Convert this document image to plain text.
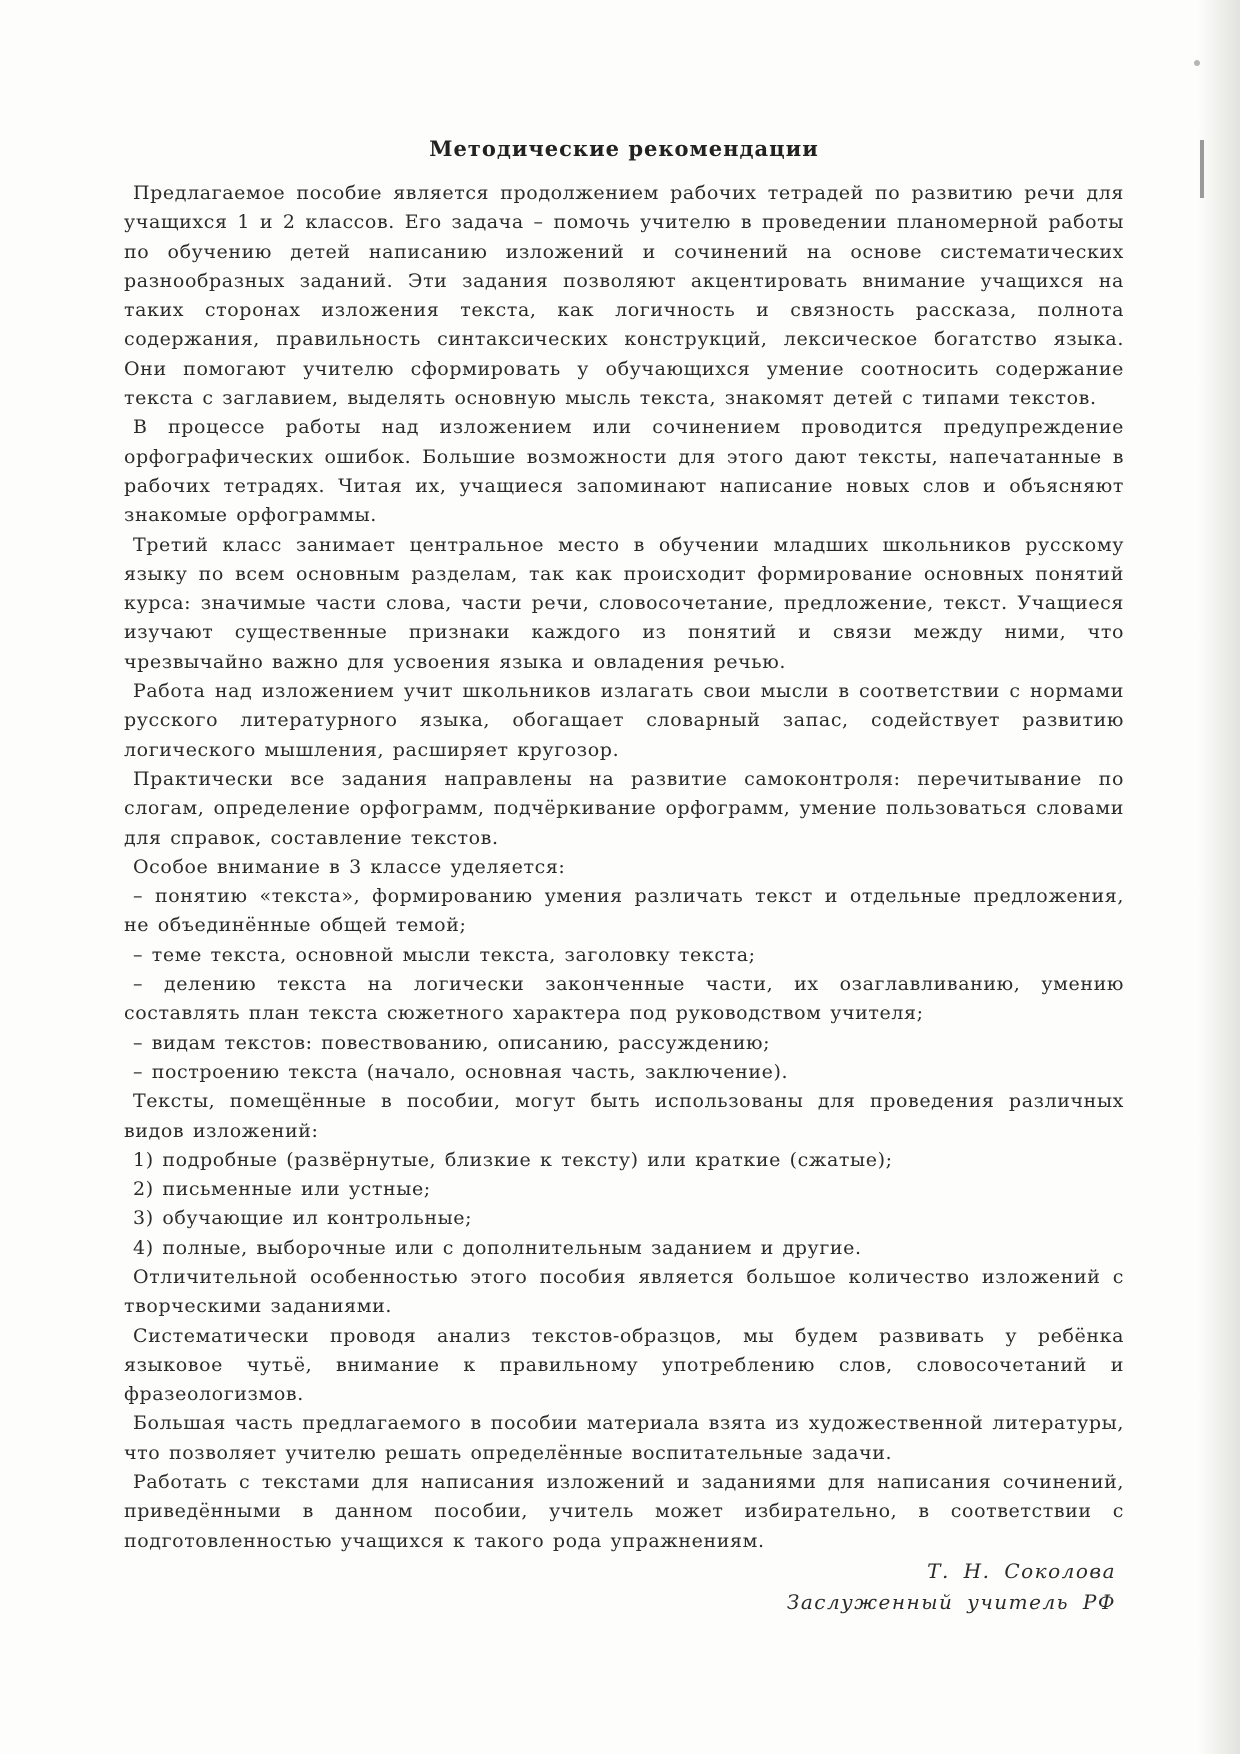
Методические рекомендации

Предлагаемое пособие является продолжением рабочих тетрадей по развитию речи для учащихся 1 и 2 классов. Его задача – помочь учителю в проведении планомерной работы по обучению детей написанию изложений и сочинений на основе систематических разнообразных заданий. Эти задания позволяют акцентировать внимание учащихся на таких сторонах изложения текста, как логичность и связность рассказа, полнота содержания, правильность синтаксических конструкций, лексическое богатство языка. Они помогают учителю сформировать у обучающихся умение соотносить содержание текста с заглавием, выделять основную мысль текста, знакомят детей с типами текстов.

В процессе работы над изложением или сочинением проводится предупреждение орфографических ошибок. Большие возможности для этого дают тексты, напечатанные в рабочих тетрадях. Читая их, учащиеся запоминают написание новых слов и объясняют знакомые орфограммы.

Третий класс занимает центральное место в обучении младших школьников русскому языку по всем основным разделам, так как происходит формирование основных понятий курса: значимые части слова, части речи, словосочетание, предложение, текст. Учащиеся изучают существенные признаки каждого из понятий и связи между ними, что чрезвычайно важно для усвоения языка и овладения речью.

Работа над изложением учит школьников излагать свои мысли в соответствии с нормами русского литературного языка, обогащает словарный запас, содействует развитию логического мышления, расширяет кругозор.

Практически все задания направлены на развитие самоконтроля: перечитывание по слогам, определение орфограмм, подчёркивание орфограмм, умение пользоваться словами для справок, составление текстов.

Особое внимание в 3 классе уделяется:

– понятию «текста», формированию умения различать текст и отдельные предложения, не объединённые общей темой;

– теме текста, основной мысли текста, заголовку текста;

– делению текста на логически законченные части, их озаглавливанию, умению составлять план текста сюжетного характера под руководством учителя;

– видам текстов: повествованию, описанию, рассуждению;

– построению текста (начало, основная часть, заключение).

Тексты, помещённые в пособии, могут быть использованы для проведения различных видов изложений:

1) подробные (развёрнутые, близкие к тексту) или краткие (сжатые);

2) письменные или устные;

3) обучающие ил контрольные;

4) полные, выборочные или с дополнительным заданием и другие.

Отличительной особенностью этого пособия является большое количество изложений с творческими заданиями.

Систематически проводя анализ текстов-образцов, мы будем развивать у ребёнка языковое чутьё, внимание к правильному употреблению слов, словосочетаний и фразеологизмов.

Большая часть предлагаемого в пособии материала взята из художественной литературы, что позволяет учителю решать определённые воспитательные задачи.

Работать с текстами для написания изложений и заданиями для написания сочинений, приведёнными в данном пособии, учитель может избирательно, в соответствии с подготовленностью учащихся к такого рода упражнениям.

Т. Н. Соколова

Заслуженный учитель РФ
